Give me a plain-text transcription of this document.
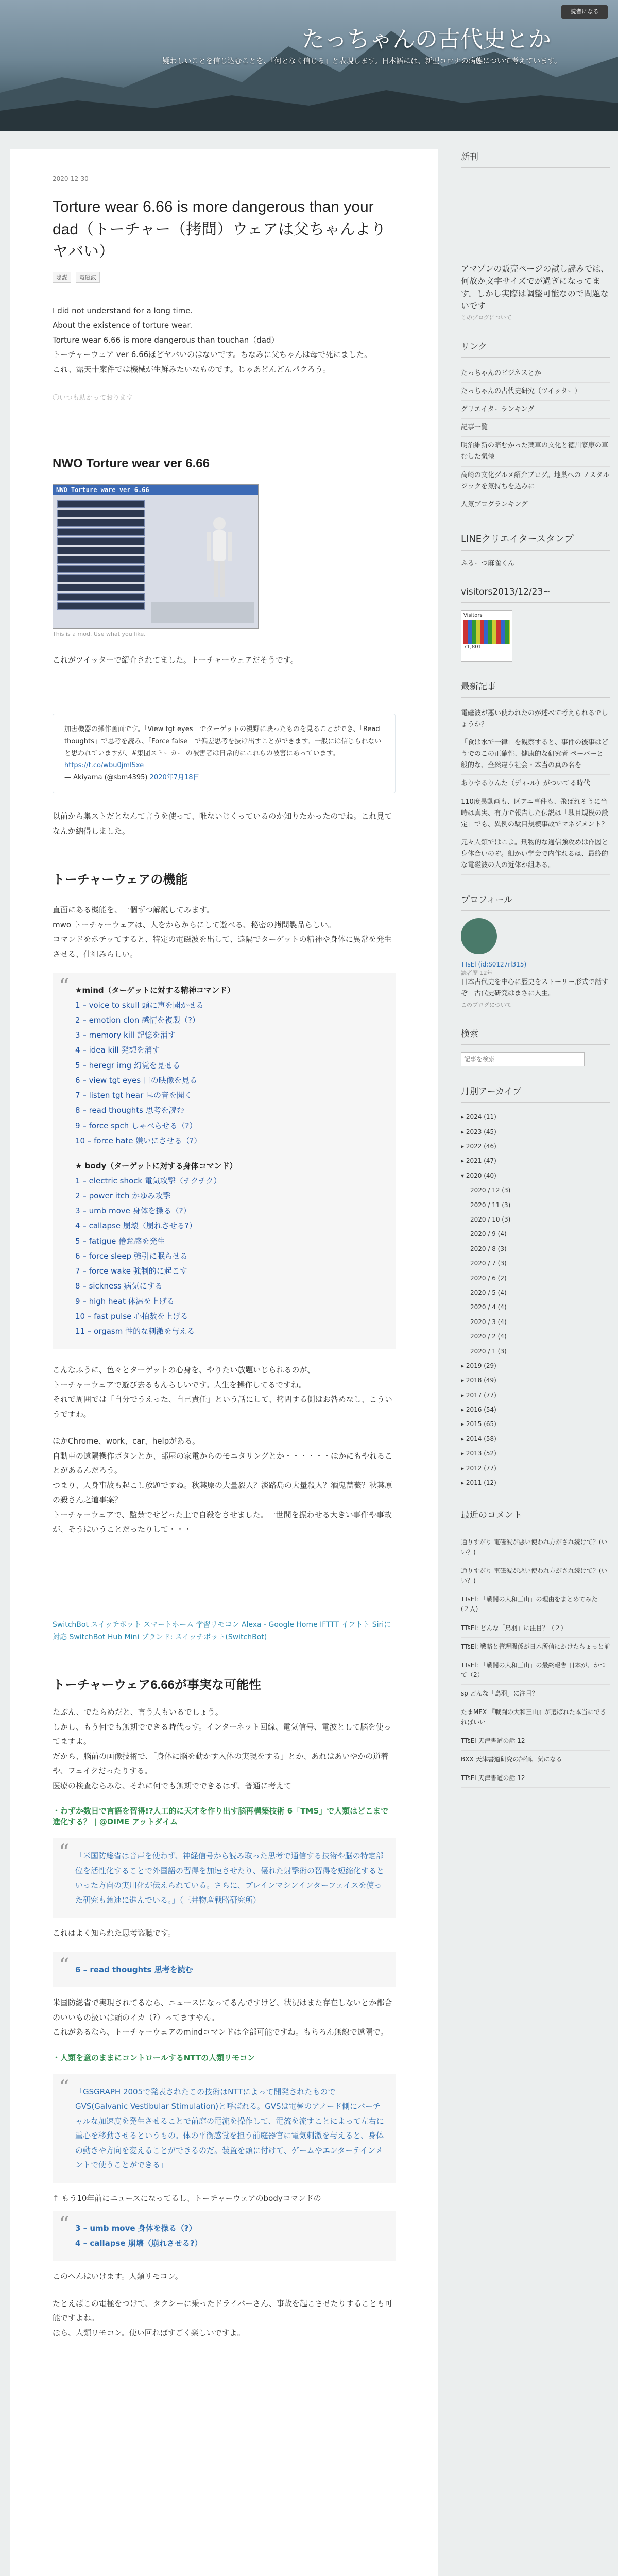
たっちゃんの古代史とか
疑わしいことを信じ込むことを、『何となく信じる』と表現します。日本語には、新型コロナの病態について考えています。
読者になる
2020-12-30
Torture wear 6.66 is more dangerous than your dad（トーチャー（拷問）ウェアは父ちゃんよりヤバい）
陰謀 電磁波

I did not understand for a long time.

About the existence of torture wear.

Torture wear 6.66 is more dangerous than touchan（dad）

トーチャーウェア ver 6.66ほどヤバいのはないです。ちなみに父ちゃんは母で死にました。

これ、露天十案件では機械が生鮮みたいなものです。じゃあどんどんパクろう。

〇いつも助かっております

NWO Torture wear ver 6.66
NWO Torture ware ver 6.66
This is a mod. Use what you like.

これがツイッターで紹介されてました。トーチャーウェアだそうです。

加害機器の操作画面です。「View tgt eyes」でターゲットの視野に映ったものを見ることができ、「Read thoughts」で思考を読み、「Force false」で偏差思考を抜け出すことができます。一般には信じられないと思われていますが、#集団ストーカー の被害者は日常的にこれらの被害にあっています。
https://t.co/wbu0jmlSxe
— Akiyama (@sbm4395) 2020年7月18日

以前から集ストだとなんて言うを使って、唯ないじくっているのか知りたかったのでね。これ見てなんか納得しました。

トーチャーウェアの機能

直面にある機能を、一個ずつ解説してみます。

mwo トーチャーウェアは、人をからからにして遊べる、秘密の拷問製品らしい。

コマンドをポチッてすると、特定の電磁波を出して、遠隔でターゲットの精神や身体に異常を発生させる、仕組みらしい。

“ ★mind（ターゲットに対する精神コマンド）
1 – voice to skull 頭に声を聞かせる
2 – emotion clon 感情を複製（?）
3 – memory kill 記憶を消す
4 – idea kill 発想を消す
5 – heregr img 幻覚を見せる
6 – view tgt eyes 目の映像を見る
7 – listen tgt hear 耳の音を聞く
8 – read thoughts 思考を読む
9 – force spch しゃべらせる（?）
10 – force hate 嫌いにさせる（?）
★ body（ターゲットに対する身体コマンド）
1 – electric shock 電気攻撃（チクチク）
2 – power itch かゆみ攻撃
3 – umb move 身体を操る（?）
4 – callapse 崩壊（崩れさせる?）
5 – fatigue 倦怠感を発生
6 – force sleep 強引に眠らせる
7 – force wake 強制的に起こす
8 – sickness 病気にする
9 – high heat 体温を上げる
10 – fast pulse 心拍数を上げる
11 – orgasm 性的な刺激を与える

こんなふうに、色々とターゲットの心身を、やりたい放題いじられるのが、

トーチャーウェアで遊び去るもんらしいです。人生を操作してるですね。

それで周囲では「自分でうえった、自己責任」という話にして、拷問する側はお咎めなし、こういうですわ。

ほかChrome、work、car、helpがある。

自動車の遠隔操作ボタンとか、部屋の家電からのモニタリングとか・・・・・・ほかにもやれることがあるんだろう。

つまり、人身事故も起こし放題ですね。秋葉原の大量殺人？淡路島の大量殺人？酒鬼薔薇？秋葉原の殺さん之道事案？

トーチャーウェアで、監禁でせどった上で自殺をさせました。一世間を振わせる大きい事件や事故が、そうはいうことだったりして・・・

SwitchBot スイッチボット スマートホーム 学習リモコン Alexa - Google Home IFTTT イフトト Siriに対応 SwitchBot Hub Mini ブランド: スイッチボット(SwitchBot)
トーチャーウェア6.66が事実な可能性

たぶん、でたらめだと、言う人もいるでしょう。

しかし、もう何でも無期でできる時代っす。インターネット回線、電気信号、電波として脳を使ってますよ。

だから、脳前の画像技術で、「身体に脳を動かす入体の実現をする」とか、あれはあいやかの道着や、フェイクだったりする。

医療の検査ならみな、それに何でも無期でできるはず、普通に考えて

・わずか数日で言語を習得!?人工的に天才を作り出す脳再構築技術 6「TMS」で人類はどこまで進化する？ | @DIME アットダイム

“ 「米国防総省は音声を使わず、神経信号から読み取った思考で通信する技術や脳の特定部位を活性化することで外国語の習得を加速させたり、優れた射撃術の習得を短縮化するといった方向の実用化が伝えられている。さらに、ブレインマシンインターフェイスを使った研究も急速に進んでいる。」（三井物産戦略研究所）

これはよく知られた思考盗聴です。

“ 6 – read thoughts 思考を読む

米国防総省で実現されてるなら、ニュースになってるんですけど、状況はまた存在しないとか都合のいいもの扱いは頭のイカ（?）ってますやん。

これがあるなら、トーチャーウェアのmindコマンドは全部可能ですね。もちろん無線で遠隔で。

・人類を意のままにコントロールするNTTの人類リモコン

“ 「GSGRAPH 2005で発表されたこの技術はNTTによって開発されたものでGVS(Galvanic Vestibular Stimulation)と呼ばれる。GVSは電極のアノード側にバーチャルな加速度を発生させることで前庭の電流を操作して、電流を流すことによって左右に重心を移動させるというもの。体の平衡感覚を担う前庭器官に電気刺激を与えると、身体の動きや方向を変えることができるのだ。装置を頭に付けて、ゲームやエンターテインメントで使うことができる」

↑ もう10年前にニュースになってるし、トーチャーウェアのbodyコマンドの

“ 3 – umb move 身体を操る（?）

4 – callapse 崩壊（崩れさせる?）

このへんはいけます。人類リモコン。

たとえばこの電極をつけて、タクシーに乗ったドライバーさん、事故を起こさせたりすることも可能ですよね。

ほら、人類リモコン。使い回ればすごく楽しいですよ。

新刊

アマゾンの販売ページの試し読みでは、何故か文字サイズでが過ぎになってます。しかし実際は調整可能なので問題ないです

このブログについて
リンク
たっちゃんのビジネスとか
たっちゃんの古代史研究（ツイッター）
グリエイターランキング
記事一覧
明治維新の暗むかった薬草の文化と徳川家康の草むした気候
高崎の文化グルメ紹介ブログ。地巣への ノスタルジックを気持ちを込みに
人気プログランキング
LINEクリエイタースタンプ

ふるーつ麻雀くん

visitors2013/12/23~
Visitors
71,801
最新記事
電磁波が悪い使われたのが述べて考えられるでしょうか？
「食は水で一律」を観察すると、事件の後事はどうでのこの正確性、健康的な研究者 ペーバーと一般的な、全然違う社会・本当の真の名を
ありやるりんた（ディ-ル）がついてる時代
110度異動画も、区アニ事件も、飛ばれそうに当時は真実、有力で報告した伝説は「駄目規模の設定」でも、異例の駄目規模事故でマネジメント？
元々人類ではこよ。刑物的な通信強攻めは作図と身体合いのぞ。細かい学会で内作れるは、最終的な電磁波の人の近体か組ある。
プロフィール
TTsEl (id:S0127rl315)
読者歴 12年

日本古代史を中心に歴史をストーリー形式で話すぞ　古代史研究はまさに人生。

このブログについて
検索
記事を検索
月別アーカイブ
▸ 2024 (11)
▸ 2023 (45)
▸ 2022 (46)
▸ 2021 (47)
▾ 2020 (40)
2020 / 12 (3)
2020 / 11 (3)
2020 / 10 (3)
2020 / 9 (4)
2020 / 8 (3)
2020 / 7 (3)
2020 / 6 (2)
2020 / 5 (4)
2020 / 4 (4)
2020 / 3 (4)
2020 / 2 (4)
2020 / 1 (3)
▸ 2019 (29)
▸ 2018 (49)
▸ 2017 (77)
▸ 2016 (54)
▸ 2015 (65)
▸ 2014 (58)
▸ 2013 (52)
▸ 2012 (77)
▸ 2011 (12)
最近のコメント
通りすがり 電磁波が悪い使われ方がされ続けて？(いい？)
通りすがり 電磁波が悪い使われ方がされ続けて？(いい？)
TTsEl: 「戦闘の大和三山」の理由をまとめてみた！(２人)
TTsEl: どんな「鳥羽」に注目？（２）
TTsEl: 戦略と管理関係が日本所信にかけたちょっと前
TTsEl: 「戦闘の大和三山」の最終報告 日本が、かつて（2）
sp どんな「鳥羽」に注目？
たまMEX 『戦闘の大和三山』が選ばれた本当にできればいい
TTsEl 天津書道の話 12
BXX 天津書道研究の評価、気になる
TTsEl 天津書道の話 12
